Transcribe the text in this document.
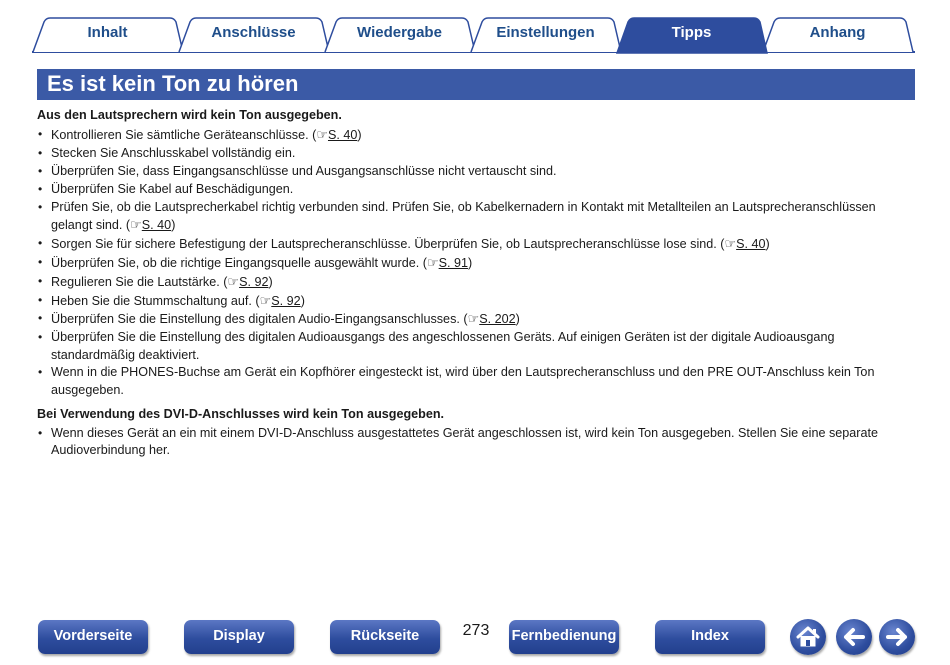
Inhalt	Anschlüsse	Wiedergabe	Einstellungen	Tipps	Anhang
Es ist kein Ton zu hören
Aus den Lautsprechern wird kein Ton ausgegeben.
• Kontrollieren Sie sämtliche Geräteanschlüsse. (☞S. 40)
• Stecken Sie Anschlusskabel vollständig ein.
• Überprüfen Sie, dass Eingangsanschlüsse und Ausgangsanschlüsse nicht vertauscht sind.
• Überprüfen Sie Kabel auf Beschädigungen.
• Prüfen Sie, ob die Lautsprecherkabel richtig verbunden sind. Prüfen Sie, ob Kabelkernadern in Kontakt mit Metallteilen an Lautsprecheranschlüssen gelangt sind. (☞S. 40)
• Sorgen Sie für sichere Befestigung der Lautsprecheranschlüsse. Überprüfen Sie, ob Lautsprecheranschlüsse lose sind. (☞S. 40)
• Überprüfen Sie, ob die richtige Eingangsquelle ausgewählt wurde. (☞S. 91)
• Regulieren Sie die Lautstärke. (☞S. 92)
• Heben Sie die Stummschaltung auf. (☞S. 92)
• Überprüfen Sie die Einstellung des digitalen Audio-Eingangsanschlusses. (☞S. 202)
• Überprüfen Sie die Einstellung des digitalen Audioausgangs des angeschlossenen Geräts. Auf einigen Geräten ist der digitale Audioausgang standardmäßig deaktiviert.
• Wenn in die PHONES-Buchse am Gerät ein Kopfhörer eingesteckt ist, wird über den Lautsprecheranschluss und den PRE OUT-Anschluss kein Ton ausgegeben.
Bei Verwendung des DVI-D-Anschlusses wird kein Ton ausgegeben.
• Wenn dieses Gerät an ein mit einem DVI-D-Anschluss ausgestattetes Gerät angeschlossen ist, wird kein Ton ausgegeben. Stellen Sie eine separate Audioverbindung her.
Vorderseite	Display	Rückseite	273	Fernbedienung	Index
